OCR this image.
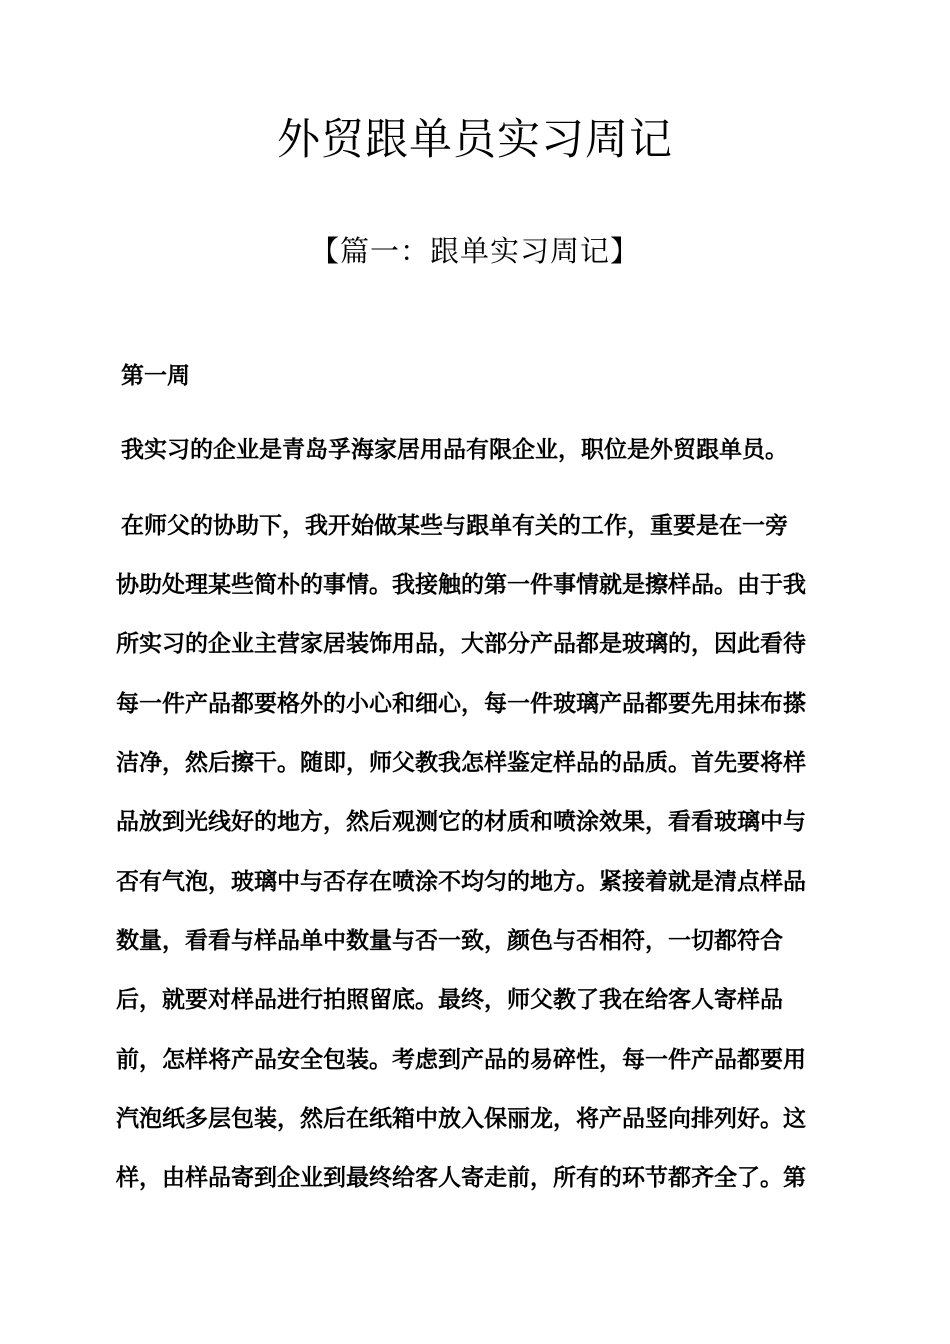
外贸跟单员实习周记
【篇一：跟单实习周记】
第一周
我实习的企业是青岛孚海家居用品有限企业，职位是外贸跟单员。
在师父的协助下，我开始做某些与跟单有关的工作，重要是在一旁
协助处理某些简朴的事情。我接触的第一件事情就是擦样品。由于我
所实习的企业主营家居装饰用品，大部分产品都是玻璃的，因此看待
每一件产品都要格外的小心和细心，每一件玻璃产品都要先用抹布搽
洁净，然后擦干。随即，师父教我怎样鉴定样品的品质。首先要将样
品放到光线好的地方，然后观测它的材质和喷涂效果，看看玻璃中与
否有气泡，玻璃中与否存在喷涂不均匀的地方。紧接着就是清点样品
数量，看看与样品单中数量与否一致，颜色与否相符，一切都符合
后，就要对样品进行拍照留底。最终，师父教了我在给客人寄样品
前，怎样将产品安全包装。考虑到产品的易碎性，每一件产品都要用
汽泡纸多层包装，然后在纸箱中放入保丽龙，将产品竖向排列好。这
样，由样品寄到企业到最终给客人寄走前，所有的环节都齐全了。第
